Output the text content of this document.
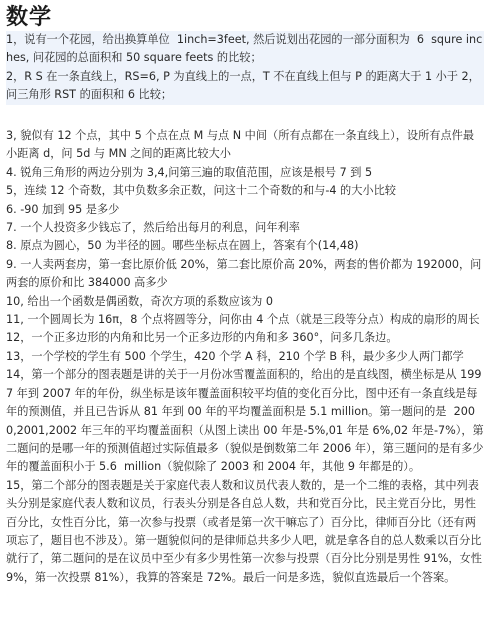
数学

1，说有一个花园，给出换算单位  1inch=3feet, 然后说划出花园的一部分面积为  6  squre inches, 问花园的总面积和 50 square feets 的比较；

2，R S 在一条直线上，RS=6, P 为直线上的一点，T 不在直线上但与 P 的距离大于 1 小于 2，问三角形 RST 的面积和 6 比较；

3, 貌似有 12 个点，其中 5 个点在点 M 与点 N 中间（所有点都在一条直线上），设所有点件最小距离 d，问 5d 与 MN 之间的距离比较大小

4. 锐角三角形的两边分别为 3,4,问第三遍的取值范围，应该是根号 7 到 5

5，连续 12 个奇数，其中负数多余正数，问这十二个奇数的和与-4 的大小比较

6. -90 加到 95 是多少

7. 一个人投资多少钱忘了，然后给出每月的利息，问年利率

8. 原点为圆心，50 为半径的圆。哪些坐标点在圆上，答案有个(14,48)

9. 一人卖两套房，第一套比原价低 20%，第二套比原价高 20%，两套的售价都为 192000，问两套的原价和比 384000 高多少

10, 给出一个函数是偶函数，奇次方项的系数应该为 0

11, 一个圆周长为 16π，8 个点将圆等分，问你由 4 个点（就是三段等分点）构成的扇形的周长

12，一个正多边形的内角和比另一个正多边形的内角和多 360°，问多几条边。

13，一个学校的学生有 500 个学生，420 个学 A 科，210 个学 B 科，最少多少人两门都学

14，第一个部分的图表题是讲的关于一月份冰雪覆盖面积的，给出的是直线图，横坐标是从 1997 年到 2007 年的年份，纵坐标是该年覆盖面积较平均值的变化百分比，图中还有一条直线是每年的预测值，并且已告诉从 81 年到 00 年的平均覆盖面积是 5.1 million。第一题问的是  2000,2001,2002 年三年的平均覆盖面积（从图上读出 00 年是-5%,01 年是 6%,02 年是-7%），第二题问的是哪一年的预测值超过实际值最多（貌似是倒数第二年 2006 年），第三题问的是有多少年的覆盖面积小于 5.6  million（貌似除了 2003 和 2004 年，其他 9 年都是的）。

15，第二个部分的图表题是关于家庭代表人数和议员代表人数的，是一个二维的表格，其中列表头分别是家庭代表人数和议员，行表头分别是各自总人数，共和党百分比，民主党百分比，男性百分比，女性百分比，第一次参与投票（或者是第一次干嘛忘了）百分比，律师百分比（还有两项忘了，题目也不涉及）。第一题貌似问的是律师总共多少人吧，就是拿各自的总人数乘以百分比就行了，第二题问的是在议员中至少有多少男性第一次参与投票（百分比分别是男性 91%，女性 9%，第一次投票 81%），我算的答案是 72%。最后一问是多选，貌似直选最后一个答案。
